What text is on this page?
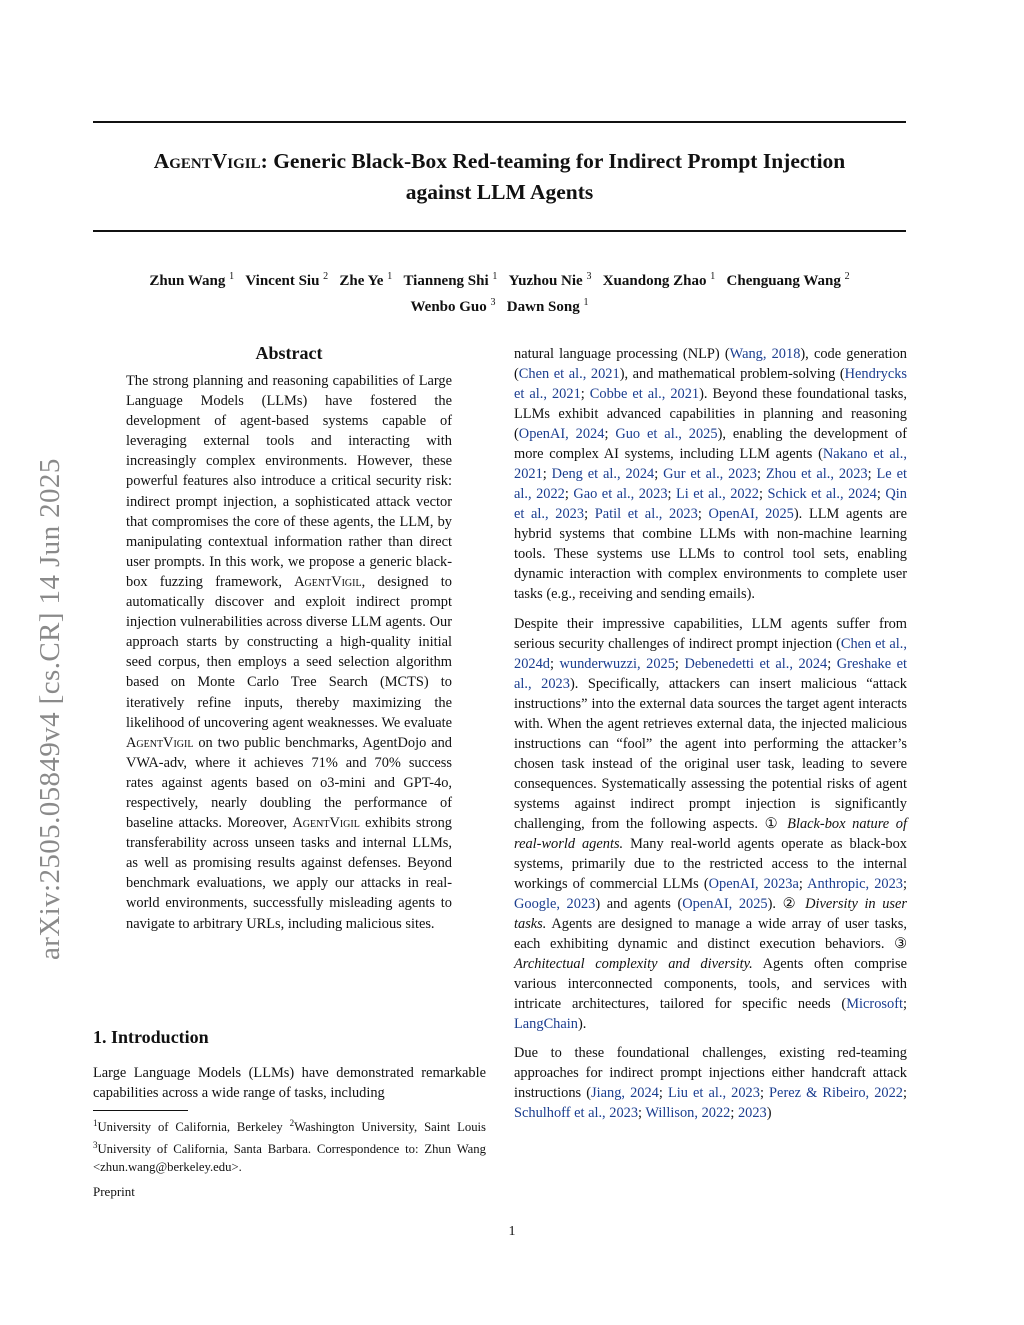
AgentVigil: Generic Black-Box Red-teaming for Indirect Prompt Injection
against LLM Agents
Zhun Wang $^1$ Vincent Siu $^2$ Zhe Ye $^1$ Tianneng Shi $^1$ Yuzhou Nie $^3$ Xuandong Zhao $^1$ Chenguang Wang $^2$
Wenbo Guo $^3$ Dawn Song $^1$
arXiv:2505.05849v4 [cs.CR] 14 Jun 2025
Abstract
The strong planning and reasoning capabilities of Large Language Models (LLMs) have fostered the development of agent-based systems capable of leveraging external tools and interacting with increasingly complex environments. However, these powerful features also introduce a critical security risk: indirect prompt injection, a sophisticated attack vector that compromises the core of these agents, the LLM, by manipulating contextual information rather than direct user prompts. In this work, we propose a generic black-box fuzzing framework, AgentVigil, designed to automatically discover and exploit indirect prompt injection vulnerabilities across diverse LLM agents. Our approach starts by constructing a high-quality initial seed corpus, then employs a seed selection algorithm based on Monte Carlo Tree Search (MCTS) to iteratively refine inputs, thereby maximizing the likelihood of uncovering agent weaknesses. We evaluate AgentVigil on two public benchmarks, AgentDojo and VWA-adv, where it achieves 71% and 70% success rates against agents based on o3-mini and GPT-4o, respectively, nearly doubling the performance of baseline attacks. Moreover, AgentVigil exhibits strong transferability across unseen tasks and internal LLMs, as well as promising results against defenses. Beyond benchmark evaluations, we apply our attacks in real-world environments, successfully misleading agents to navigate to arbitrary URLs, including malicious sites.
1. Introduction
Large Language Models (LLMs) have demonstrated remarkable capabilities across a wide range of tasks, including
$^1$University of California, Berkeley $^2$Washington University, Saint Louis $^3$University of California, Santa Barbara. Correspondence to: Zhun Wang <zhun.wang@berkeley.edu>.
Preprint
1

natural language processing (NLP) (Wang, 2018), code generation (Chen et al., 2021), and mathematical problem-solving (Hendrycks et al., 2021; Cobbe et al., 2021). Beyond these foundational tasks, LLMs exhibit advanced capabilities in planning and reasoning (OpenAI, 2024; Guo et al., 2025), enabling the development of more complex AI systems, including LLM agents (Nakano et al., 2021; Deng et al., 2024; Gur et al., 2023; Zhou et al., 2023; Le et al., 2022; Gao et al., 2023; Li et al., 2022; Schick et al., 2024; Qin et al., 2023; Patil et al., 2023; OpenAI, 2025). LLM agents are hybrid systems that combine LLMs with non-machine learning tools. These systems use LLMs to control tool sets, enabling dynamic interaction with complex environments to complete user tasks (e.g., receiving and sending emails).

Despite their impressive capabilities, LLM agents suffer from serious security challenges of indirect prompt injection (Chen et al., 2024d; wunderwuzzi, 2025; Debenedetti et al., 2024; Greshake et al., 2023). Specifically, attackers can insert malicious “attack instructions” into the external data sources the target agent interacts with. When the agent retrieves external data, the injected malicious instructions can “fool” the agent into performing the attacker’s chosen task instead of the original user task, leading to severe consequences. Systematically assessing the potential risks of agent systems against indirect prompt injection is significantly challenging, from the following aspects. ① Black-box nature of real-world agents. Many real-world agents operate as black-box systems, primarily due to the restricted access to the internal workings of commercial LLMs (OpenAI, 2023a; Anthropic, 2023; Google, 2023) and agents (OpenAI, 2025). ② Diversity in user tasks. Agents are designed to manage a wide array of user tasks, each exhibiting dynamic and distinct execution behaviors. ③ Architectual complexity and diversity. Agents often comprise various interconnected components, tools, and services with intricate architectures, tailored for specific needs (Microsoft; LangChain).

Due to these foundational challenges, existing red-teaming approaches for indirect prompt injections either handcraft attack instructions (Jiang, 2024; Liu et al., 2023; Perez & Ribeiro, 2022; Schulhoff et al., 2023; Willison, 2022; 2023)
